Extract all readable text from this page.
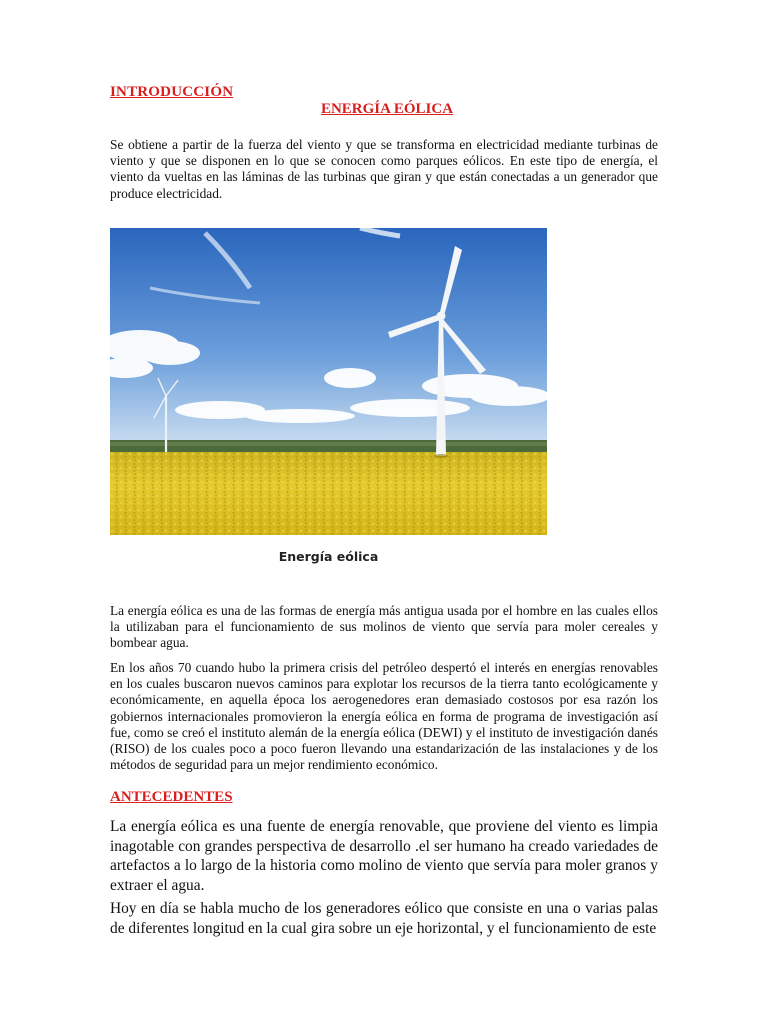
INTRODUCCIÓN
ENERGÍA EÓLICA

Se obtiene a partir de la fuerza del viento y que se transforma en electricidad mediante turbinas de viento y que se disponen en lo que se conocen como parques eólicos. En este tipo de energía, el viento da vueltas en las láminas de las turbinas que giran y que están conectadas a un generador que produce electricidad.

Energía eólica

La energía eólica es una de las formas de energía más antigua usada por el hombre en las cuales ellos la utilizaban para el funcionamiento de sus molinos de viento que servía para moler cereales y bombear agua.

En los años 70 cuando hubo la primera crisis del petróleo despertó el interés en energías renovables en los cuales buscaron nuevos caminos para explotar los recursos de la tierra tanto ecológicamente y económicamente, en aquella época los aerogenedores eran demasiado costosos por esa razón los gobiernos internacionales promovieron la energía eólica en forma de programa de investigación así fue, como se creó el instituto alemán de la energía eólica (DEWI) y el instituto de investigación danés (RISO) de los cuales poco a poco fueron llevando una estandarización de las instalaciones y de los métodos de seguridad para un mejor rendimiento económico.

ANTECEDENTES

La energía eólica es una fuente de energía renovable, que proviene del viento es limpia inagotable con grandes perspectiva de desarrollo .el ser humano ha creado variedades de artefactos a lo largo de la historia como molino de viento que servía para moler granos y extraer el agua.

Hoy en día se habla mucho de los generadores eólico que consiste en una o varias palas de diferentes longitud en la cual gira sobre un eje horizontal, y el funcionamiento de este
